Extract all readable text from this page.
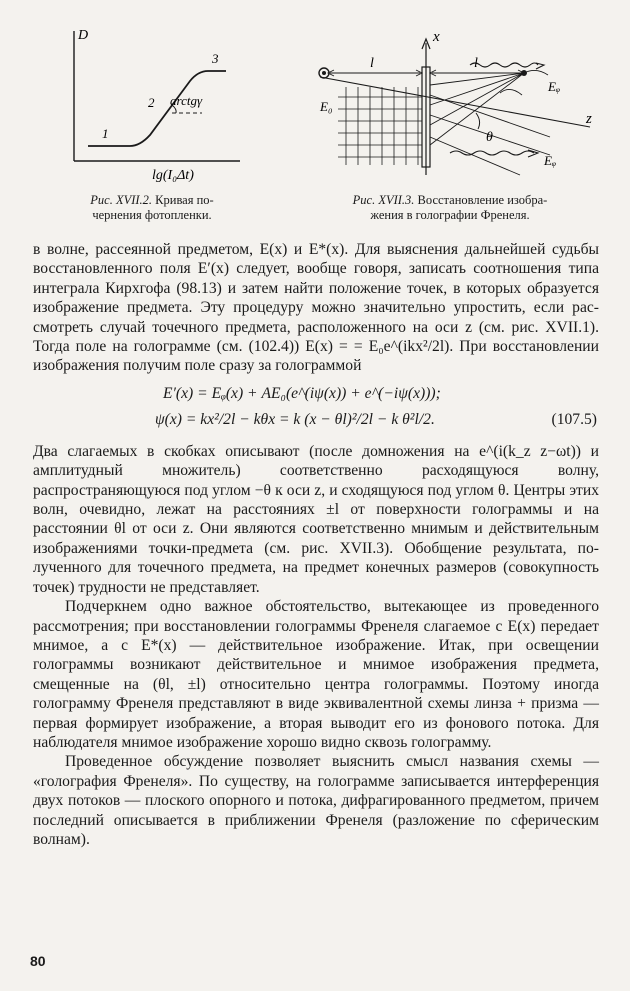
D
1
2
3
arctgγ
lg(I₀Δt)
Рис. XVII.2. Кривая по-
чернения фотопленки.
x
z
l	l
E₀
Eᵩ
Eᵩ
θ
Рис. XVII.3. Восстановление изобра-
жения в голографии Френеля.

в волне, рассеянной предметом, E(x) и E*(x). Для выяснения дальнейшей судьбы восстановленного поля E′(x) следует, вообще говоря, записать соотношения типа интеграла Кирхгофа (98.13) и затем найти положение точек, в которых образуется изображение предмета. Эту процедуру можно значительно упростить, если рассмотреть случай точечного предмета, расположенного на оси z (см. рис. XVII.1). Тогда поле на голограмме (см. (102.4)) E(x) = = E₀e^(ikx²/2l). При восстановлении изображения получим поле сразу за голограммой

E′(x) = Eᵩ(x) + AE₀(e^(iψ(x)) + e^(−iψ(x)));
ψ(x) = kx²/2l − kθx = k (x − θl)²/2l − k θ²l/2.	(107.5)

Два слагаемых в скобках описывают (после домножения на e^(i(k_z z−ωt)) и амплитудный множитель) соответственно расходящуюся волну, распространяющуюся под углом −θ к оси z, и сходящуюся под углом θ. Центры этих волн, очевидно, лежат на расстояниях ±l от поверхности голограммы и на расстоянии θl от оси z. Они являются соответственно мнимым и действительным изображениями точки-предмета (см. рис. XVII.3). Обобщение результата, полученного для точечного предмета, на предмет конечных размеров (совокупность точек) трудности не представляет.

Подчеркнем одно важное обстоятельство, вытекающее из проведенного рассмотрения; при восстановлении голограммы Френеля слагаемое с E(x) передает мнимое, а с E*(x) — действительное изображение. Итак, при освещении голограммы возникают действительное и мнимое изображения предмета, смещенные на (θl, ±l) относительно центра голограммы. Поэтому иногда голограмму Френеля представляют в виде эквивалентной схемы линза + призма — первая формирует изображение, а вторая выводит его из фонового потока. Для наблюдателя мнимое изображение хорошо видно сквозь голограмму.

Проведенное обсуждение позволяет выяснить смысл названия схемы — «голография Френеля». По существу, на голограмме записывается интерференция двух потоков — плоского опорного и потока, дифрагированного предметом, причем последний описывается в приближении Френеля (разложение по сферическим волнам).

80
